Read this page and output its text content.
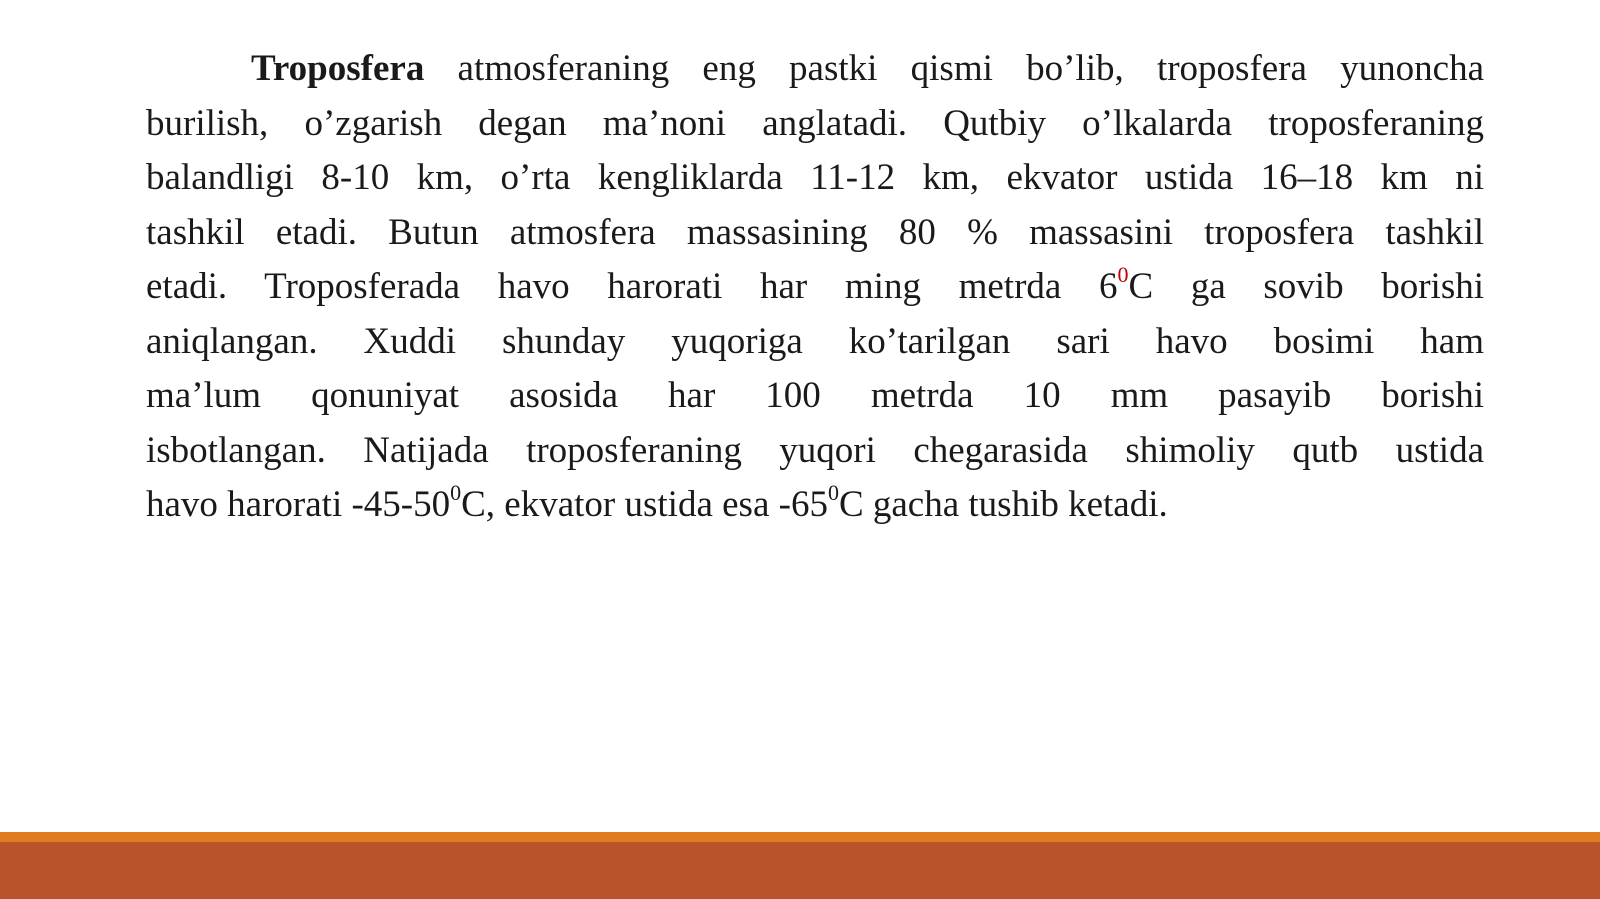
Troposfera atmosferaning eng pastki qismi bo’lib, troposfera yunoncha
burilish, o’zgarish degan ma’noni anglatadi. Qutbiy o’lkalarda troposferaning
balandligi 8-10 km, o’rta kengliklarda 11-12 km, ekvator ustida 16–18 km ni
tashkil etadi. Butun atmosfera massasining 80 % massasini troposfera tashkil
etadi. Troposferada havo harorati har ming metrda $6^0C$ ga sovib borishi
aniqlangan. Xuddi shunday yuqoriga ko’tarilgan sari havo bosimi ham
ma’lum qonuniyat asosida har 100 metrda 10 mm pasayib borishi
isbotlangan. Natijada troposferaning yuqori chegarasida shimoliy qutb ustida
havo harorati $-45-50^0C$, ekvator ustida esa $-65^0C$ gacha tushib ketadi.
